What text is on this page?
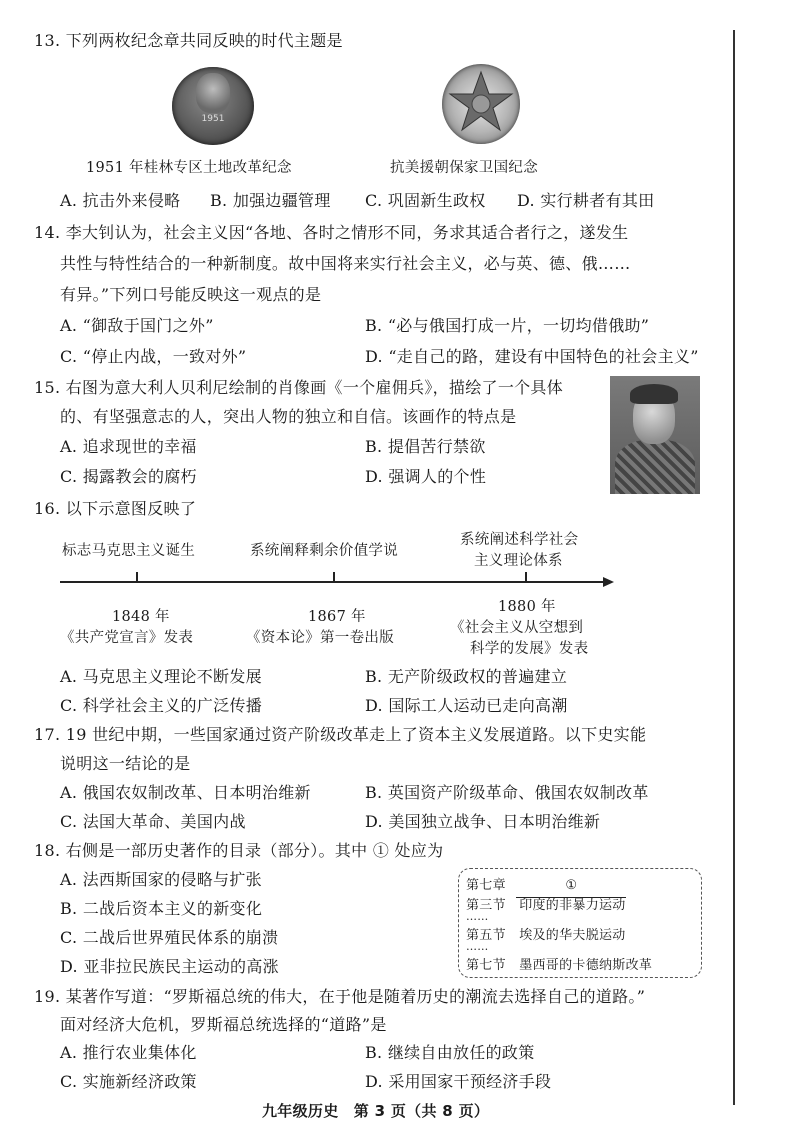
13. 下列两枚纪念章共同反映的时代主题是
1951
1951 年桂林专区土地改革纪念	抗美援朝保家卫国纪念
A. 抗击外来侵略 B. 加强边疆管理 C. 巩固新生政权 D. 实行耕者有其田
14. 李大钊认为，社会主义因“各地、各时之情形不同，务求其适合者行之，遂发生
共性与特性结合的一种新制度。故中国将来实行社会主义，必与英、德、俄……
有异。”下列口号能反映这一观点的是
A. “御敌于国门之外”	B. “必与俄国打成一片，一切均借俄助”
C. “停止内战，一致对外”	D. “走自己的路，建设有中国特色的社会主义”
15. 右图为意大利人贝利尼绘制的肖像画《一个雇佣兵》，描绘了一个具体
的、有坚强意志的人，突出人物的独立和自信。该画作的特点是
A. 追求现世的幸福	B. 提倡苦行禁欲
C. 揭露教会的腐朽	D. 强调人的个性
16. 以下示意图反映了
标志马克思主义诞生	系统阐释剩余价值学说
系统阐述科学社会
主义理论体系
1848 年	1867 年
1880 年
《共产党宣言》发表	《资本论》第一卷出版
《社会主义从空想到
科学的发展》发表
A. 马克思主义理论不断发展	B. 无产阶级政权的普遍建立
C. 科学社会主义的广泛传播	D. 国际工人运动已走向高潮
17. 19 世纪中期，一些国家通过资产阶级改革走上了资本主义发展道路。以下史实能
说明这一结论的是
A. 俄国农奴制改革、日本明治维新	B. 英国资产阶级革命、俄国农奴制改革
C. 法国大革命、美国内战	D. 美国独立战争、日本明治维新
18. 右侧是一部历史著作的目录（部分）。其中 ① 处应为
A. 法西斯国家的侵略与扩张
B. 二战后资本主义的新变化
C. 二战后世界殖民体系的崩溃
D. 亚非拉民族民主运动的高涨
第七章	①
第三节　印度的非暴力运动
……
第五节　埃及的华夫脱运动
……
第七节　墨西哥的卡德纳斯改革
19. 某著作写道：“罗斯福总统的伟大，在于他是随着历史的潮流去选择自己的道路。”
面对经济大危机，罗斯福总统选择的“道路”是
A. 推行农业集体化	B. 继续自由放任的政策
C. 实施新经济政策	D. 采用国家干预经济手段
九年级历史　第 3 页（共 8 页）
